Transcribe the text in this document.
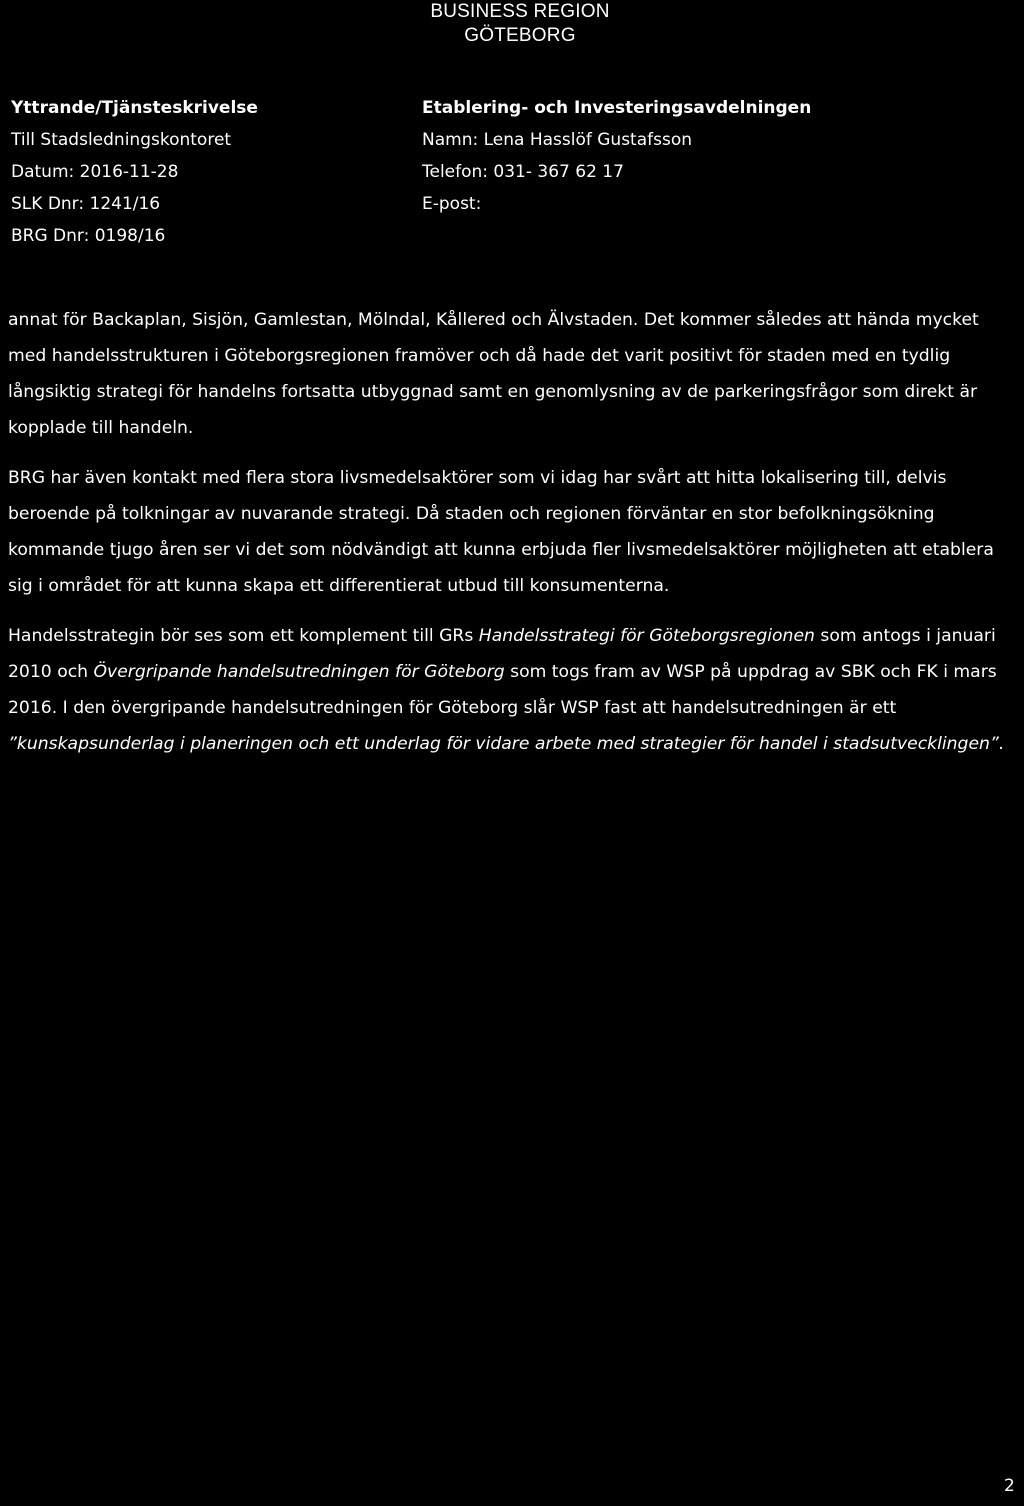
BUSINESS REGION
GÖTEBORG
Yttrande/Tjänsteskrivelse
Till Stadsledningskontoret
Datum: 2016-11-28
SLK Dnr: 1241/16
BRG Dnr: 0198/16
Etablering- och Investeringsavdelningen
Namn: Lena Hasslöf Gustafsson
Telefon: 031- 367 62 17
E-post:

annat för Backaplan, Sisjön, Gamlestan, Mölndal, Kållered och Älvstaden. Det kommer således att hända mycket med handelsstrukturen i Göteborgsregionen framöver och då hade det varit positivt för staden med en tydlig långsiktig strategi för handelns fortsatta utbyggnad samt en genomlysning av de parkeringsfrågor som direkt är kopplade till handeln.

BRG har även kontakt med flera stora livsmedelsaktörer som vi idag har svårt att hitta lokalisering till, delvis beroende på tolkningar av nuvarande strategi. Då staden och regionen förväntar en stor befolkningsökning kommande tjugo åren ser vi det som nödvändigt att kunna erbjuda fler livsmedelsaktörer möjligheten att etablera sig i området för att kunna skapa ett differentierat utbud till konsumenterna.

Handelsstrategin bör ses som ett komplement till GRs Handelsstrategi för Göteborgsregionen som antogs i januari 2010 och Övergripande handelsutredningen för Göteborg som togs fram av WSP på uppdrag av SBK och FK i mars 2016. I den övergripande handelsutredningen för Göteborg slår WSP fast att handelsutredningen är ett ”kunskapsunderlag i planeringen och ett underlag för vidare arbete med strategier för handel i stadsutvecklingen”.

2
